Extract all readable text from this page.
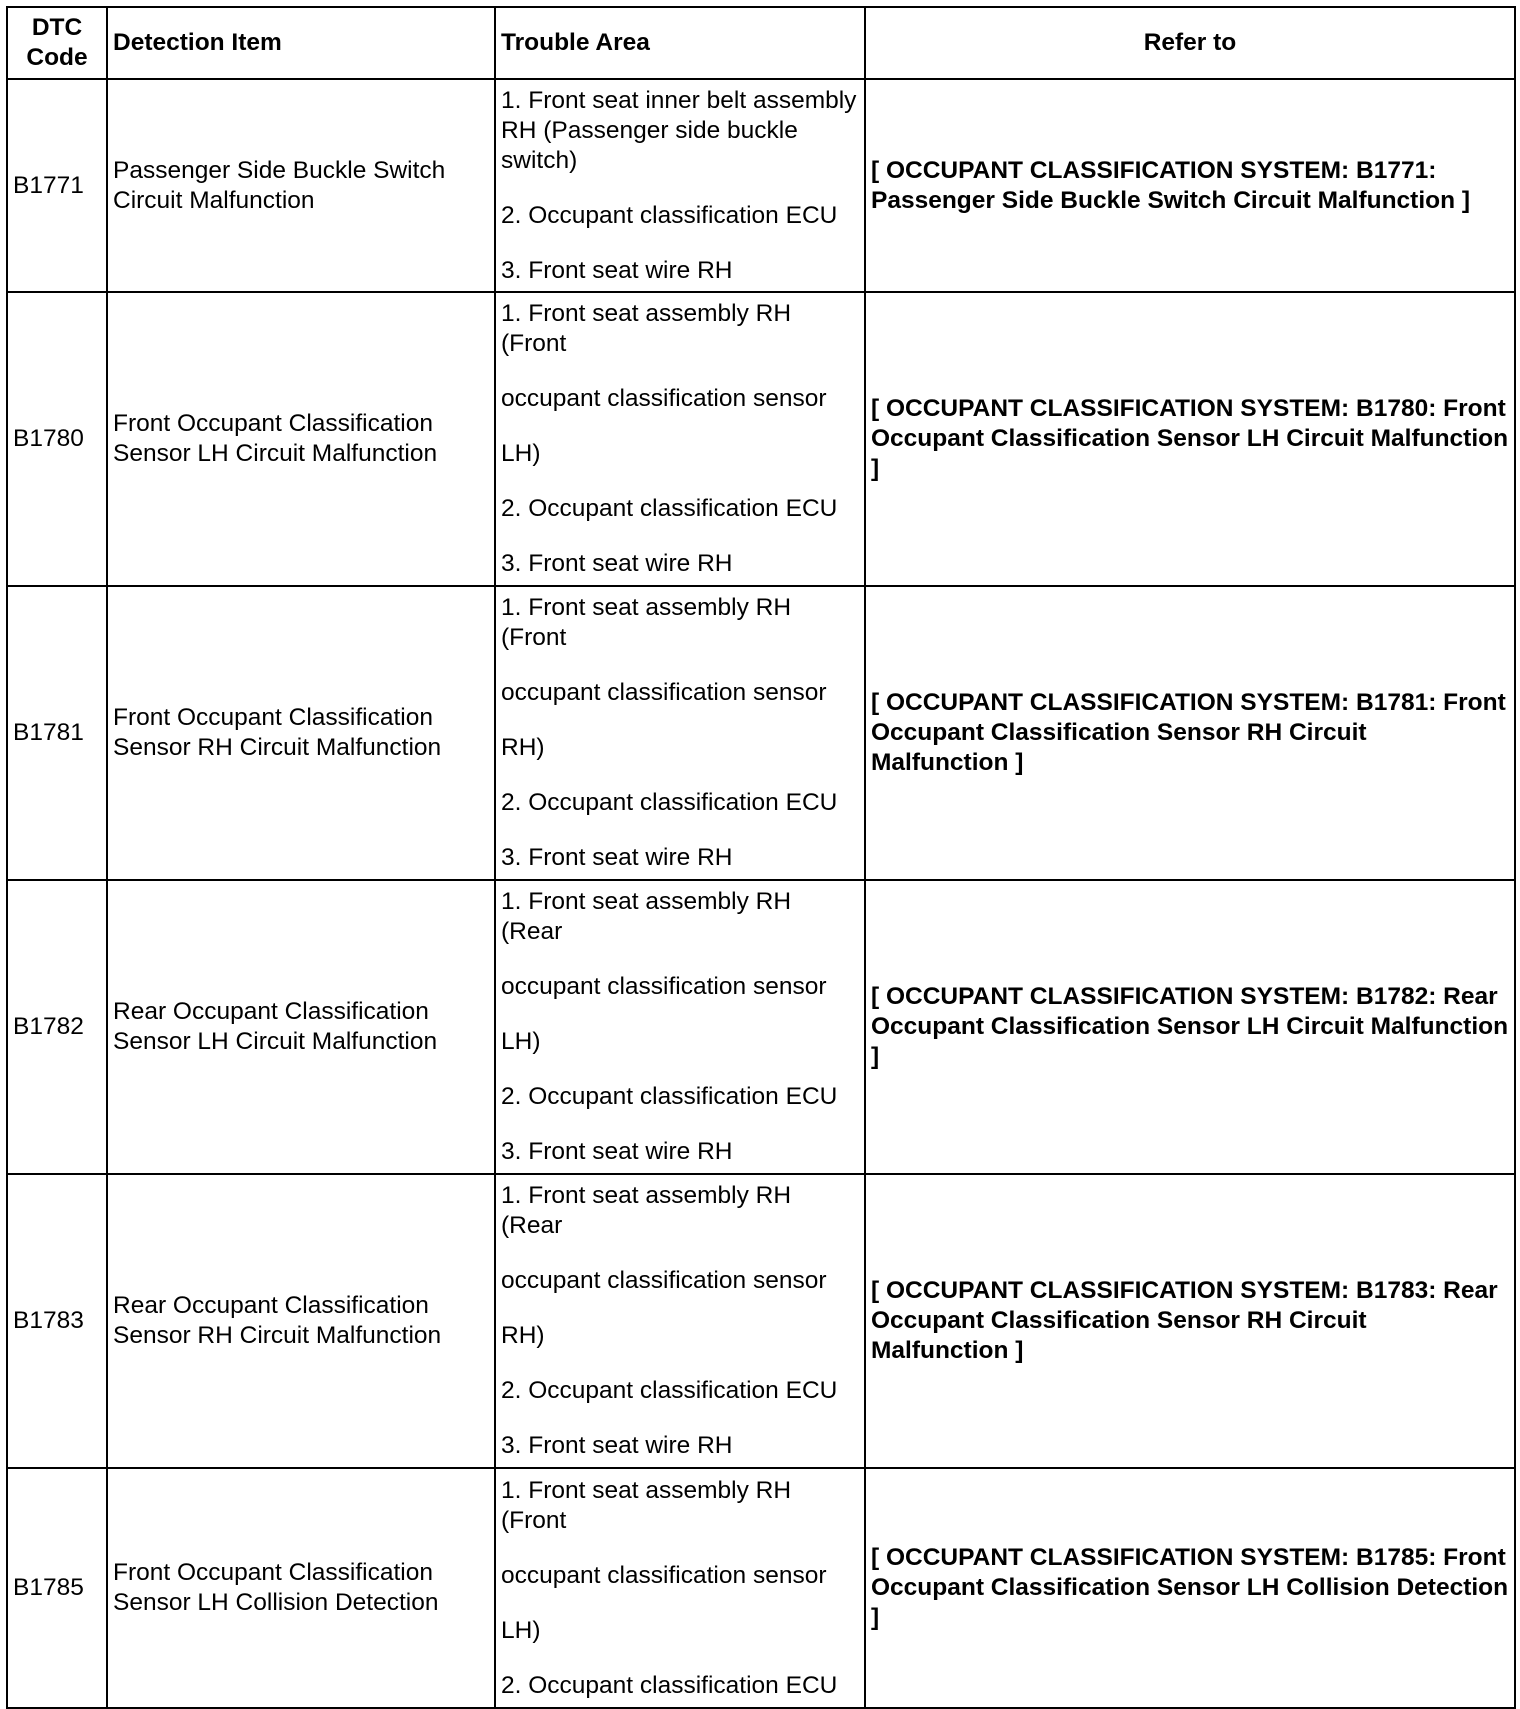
DTC
Code	Detection Item	Trouble Area	Refer to
B1771	Passenger Side Buckle Switch Circuit Malfunction	1. Front seat inner belt assembly RH (Passenger side buckle switch)
2. Occupant classification ECU
3. Front seat wire RH	[ OCCUPANT CLASSIFICATION SYSTEM: B1771: Passenger Side Buckle Switch Circuit Malfunction ]
B1780	Front Occupant Classification Sensor LH Circuit Malfunction	1. Front seat assembly RH (Front
occupant classification sensor
LH)
2. Occupant classification ECU
3. Front seat wire RH	[ OCCUPANT CLASSIFICATION SYSTEM: B1780: Front Occupant Classification Sensor LH Circuit Malfunction ]
B1781	Front Occupant Classification Sensor RH Circuit Malfunction	1. Front seat assembly RH (Front
occupant classification sensor
RH)
2. Occupant classification ECU
3. Front seat wire RH	[ OCCUPANT CLASSIFICATION SYSTEM: B1781: Front Occupant Classification Sensor RH Circuit Malfunction ]
B1782	Rear Occupant Classification Sensor LH Circuit Malfunction	1. Front seat assembly RH (Rear
occupant classification sensor
LH)
2. Occupant classification ECU
3. Front seat wire RH	[ OCCUPANT CLASSIFICATION SYSTEM: B1782: Rear Occupant Classification Sensor LH Circuit Malfunction ]
B1783	Rear Occupant Classification Sensor RH Circuit Malfunction	1. Front seat assembly RH (Rear
occupant classification sensor
RH)
2. Occupant classification ECU
3. Front seat wire RH	[ OCCUPANT CLASSIFICATION SYSTEM: B1783: Rear Occupant Classification Sensor RH Circuit Malfunction ]
B1785	Front Occupant Classification Sensor LH Collision Detection	1. Front seat assembly RH (Front
occupant classification sensor
LH)
2. Occupant classification ECU	[ OCCUPANT CLASSIFICATION SYSTEM: B1785: Front Occupant Classification Sensor LH Collision Detection ]
